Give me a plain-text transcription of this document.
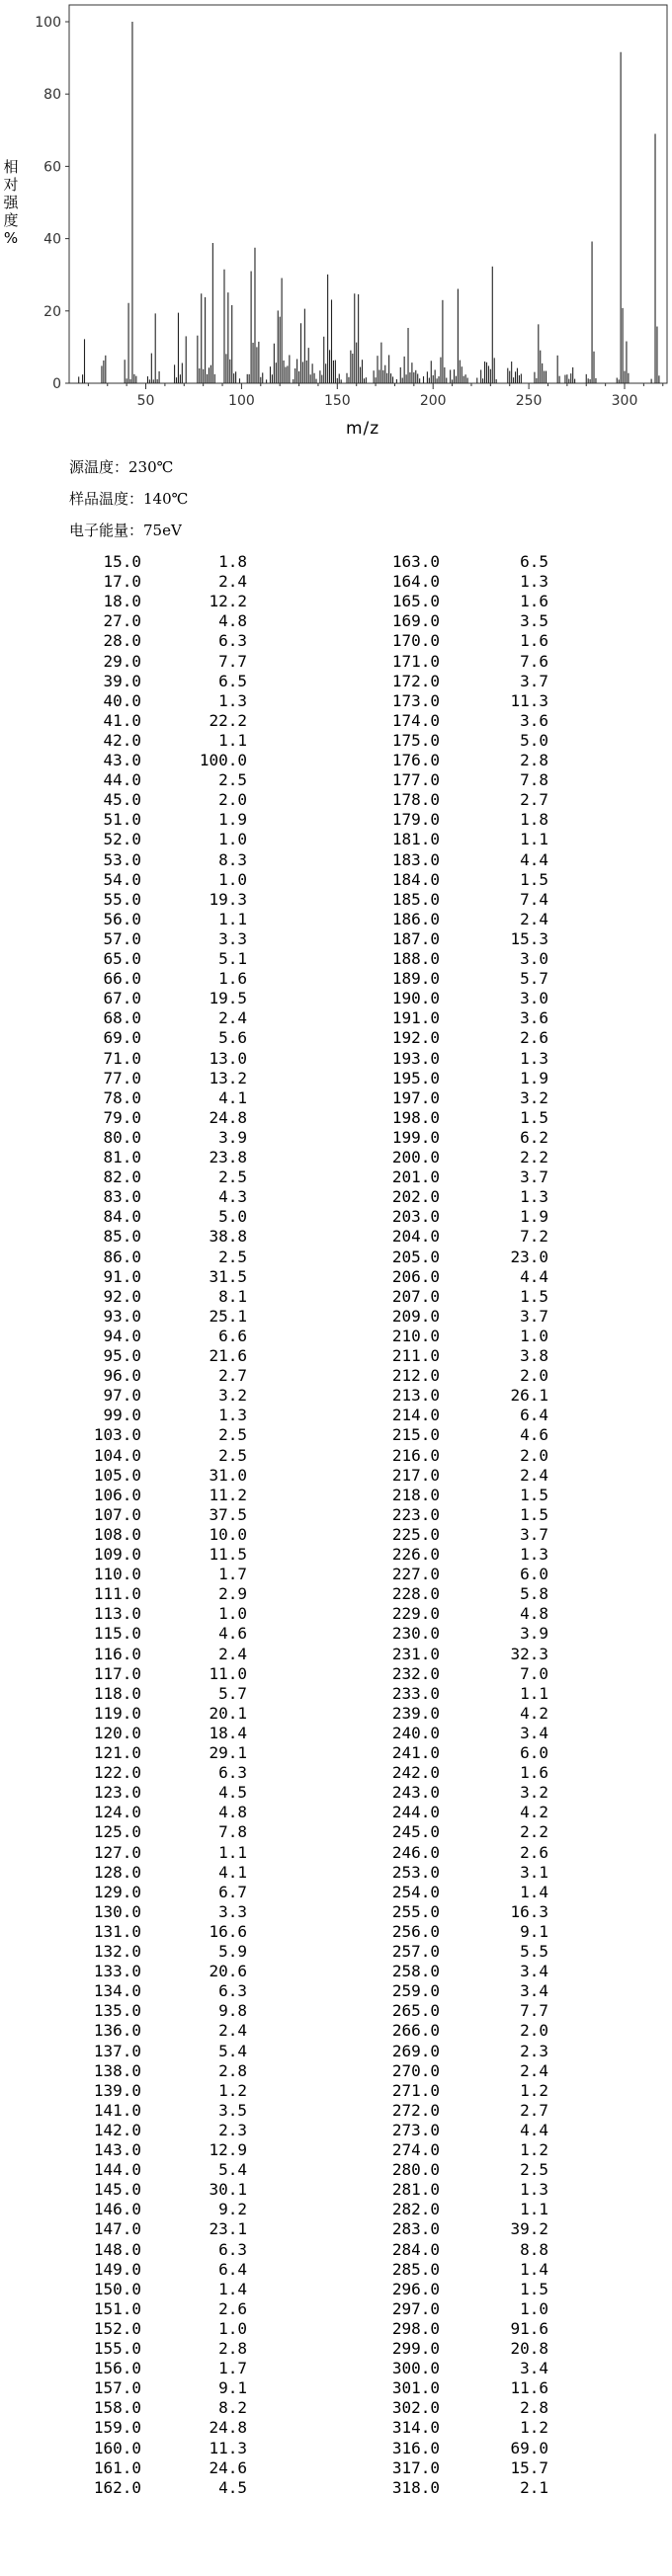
0
20
40
60
80
100
50	100	150	200	250	300
相
对
强
度
%
m/z
源温度：230℃
样品温度：140℃
电子能量：75eV
15.0	1.8
17.0	2.4
18.0	12.2
27.0	4.8
28.0	6.3
29.0	7.7
39.0	6.5
40.0	1.3
41.0	22.2
42.0	1.1
43.0	100.0
44.0	2.5
45.0	2.0
51.0	1.9
52.0	1.0
53.0	8.3
54.0	1.0
55.0	19.3
56.0	1.1
57.0	3.3
65.0	5.1
66.0	1.6
67.0	19.5
68.0	2.4
69.0	5.6
71.0	13.0
77.0	13.2
78.0	4.1
79.0	24.8
80.0	3.9
81.0	23.8
82.0	2.5
83.0	4.3
84.0	5.0
85.0	38.8
86.0	2.5
91.0	31.5
92.0	8.1
93.0	25.1
94.0	6.6
95.0	21.6
96.0	2.7
97.0	3.2
99.0	1.3
103.0	2.5
104.0	2.5
105.0	31.0
106.0	11.2
107.0	37.5
108.0	10.0
109.0	11.5
110.0	1.7
111.0	2.9
113.0	1.0
115.0	4.6
116.0	2.4
117.0	11.0
118.0	5.7
119.0	20.1
120.0	18.4
121.0	29.1
122.0	6.3
123.0	4.5
124.0	4.8
125.0	7.8
127.0	1.1
128.0	4.1
129.0	6.7
130.0	3.3
131.0	16.6
132.0	5.9
133.0	20.6
134.0	6.3
135.0	9.8
136.0	2.4
137.0	5.4
138.0	2.8
139.0	1.2
141.0	3.5
142.0	2.3
143.0	12.9
144.0	5.4
145.0	30.1
146.0	9.2
147.0	23.1
148.0	6.3
149.0	6.4
150.0	1.4
151.0	2.6
152.0	1.0
155.0	2.8
156.0	1.7
157.0	9.1
158.0	8.2
159.0	24.8
160.0	11.3
161.0	24.6
162.0	4.5
163.0	6.5
164.0	1.3
165.0	1.6
169.0	3.5
170.0	1.6
171.0	7.6
172.0	3.7
173.0	11.3
174.0	3.6
175.0	5.0
176.0	2.8
177.0	7.8
178.0	2.7
179.0	1.8
181.0	1.1
183.0	4.4
184.0	1.5
185.0	7.4
186.0	2.4
187.0	15.3
188.0	3.0
189.0	5.7
190.0	3.0
191.0	3.6
192.0	2.6
193.0	1.3
195.0	1.9
197.0	3.2
198.0	1.5
199.0	6.2
200.0	2.2
201.0	3.7
202.0	1.3
203.0	1.9
204.0	7.2
205.0	23.0
206.0	4.4
207.0	1.5
209.0	3.7
210.0	1.0
211.0	3.8
212.0	2.0
213.0	26.1
214.0	6.4
215.0	4.6
216.0	2.0
217.0	2.4
218.0	1.5
223.0	1.5
225.0	3.7
226.0	1.3
227.0	6.0
228.0	5.8
229.0	4.8
230.0	3.9
231.0	32.3
232.0	7.0
233.0	1.1
239.0	4.2
240.0	3.4
241.0	6.0
242.0	1.6
243.0	3.2
244.0	4.2
245.0	2.2
246.0	2.6
253.0	3.1
254.0	1.4
255.0	16.3
256.0	9.1
257.0	5.5
258.0	3.4
259.0	3.4
265.0	7.7
266.0	2.0
269.0	2.3
270.0	2.4
271.0	1.2
272.0	2.7
273.0	4.4
274.0	1.2
280.0	2.5
281.0	1.3
282.0	1.1
283.0	39.2
284.0	8.8
285.0	1.4
296.0	1.5
297.0	1.0
298.0	91.6
299.0	20.8
300.0	3.4
301.0	11.6
302.0	2.8
314.0	1.2
316.0	69.0
317.0	15.7
318.0	2.1
